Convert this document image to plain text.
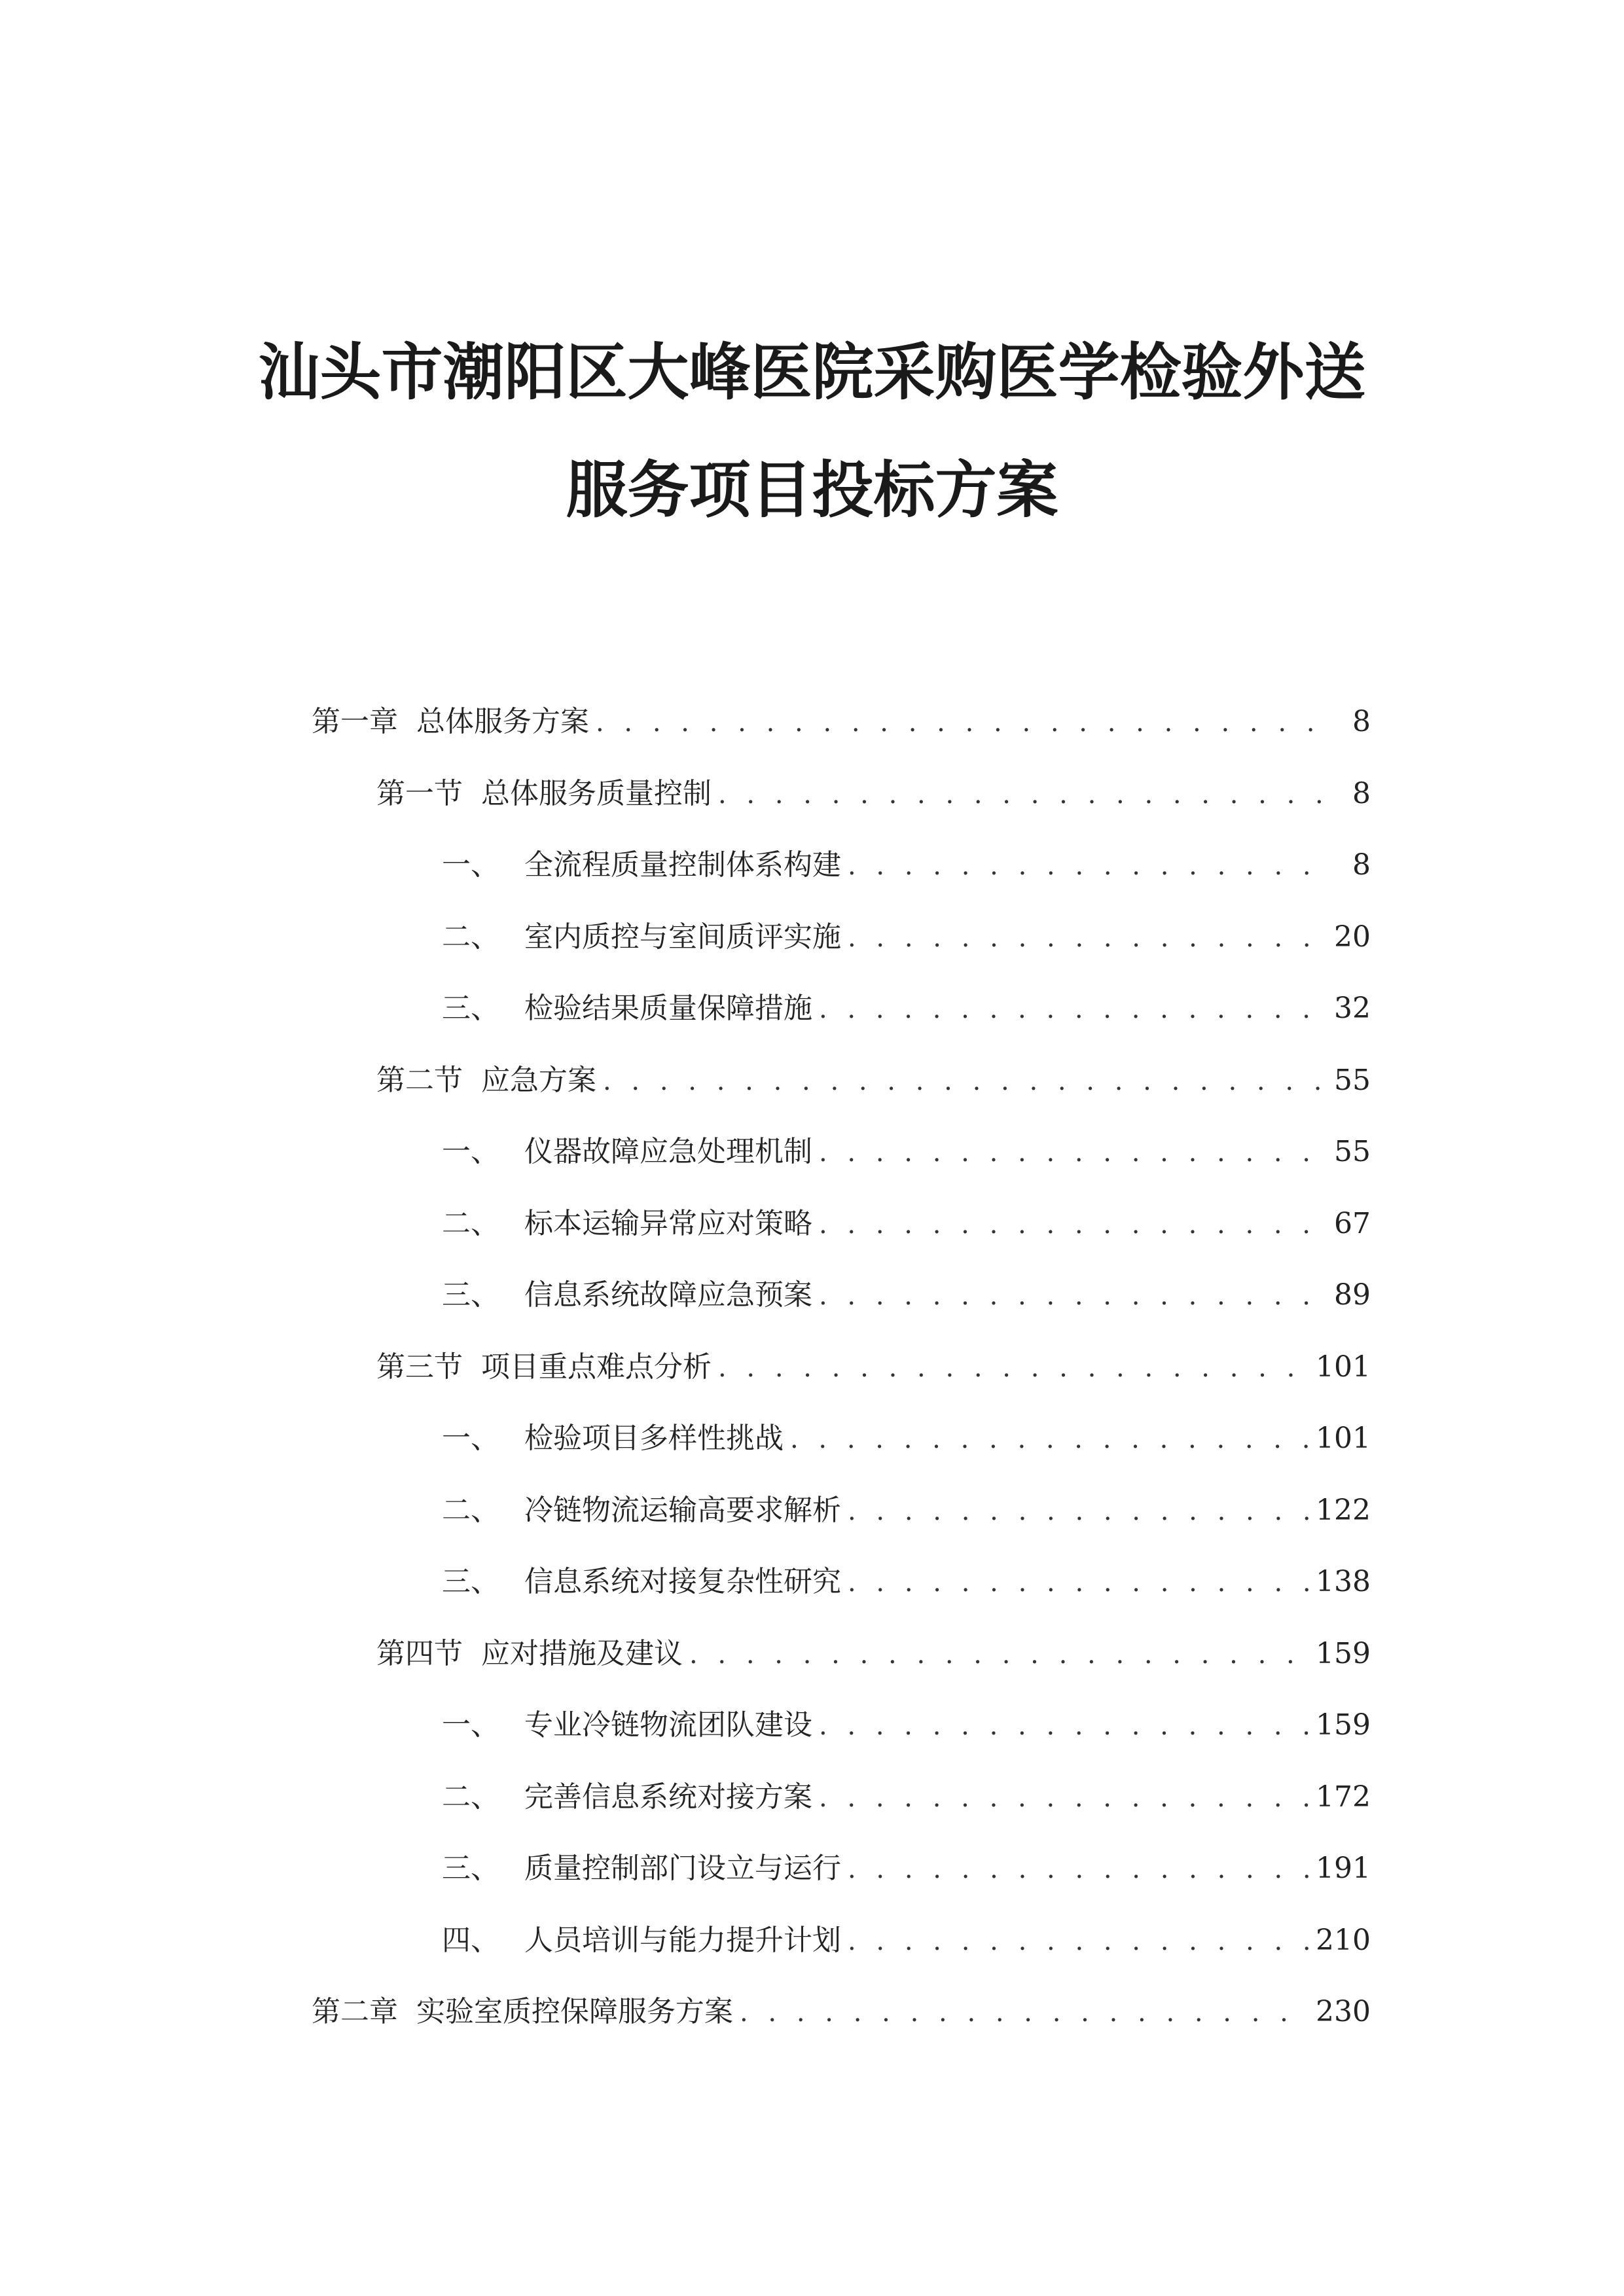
汕头市潮阳区大峰医院采购医学检验外送
服务项目投标方案
第一章 总体服务方案 . . .	8
第一节 总体服务质量控制 . . .	8
一、 全流程质量控制体系构建 . . .	8
二、 室内质控与室间质评实施 . . .	20
三、 检验结果质量保障措施 . . .	32
第二节 应急方案 . . .	55
一、 仪器故障应急处理机制 . . .	55
二、 标本运输异常应对策略 . . .	67
三、 信息系统故障应急预案 . . .	89
第三节 项目重点难点分析 . . .	101
一、 检验项目多样性挑战 . . .	101
二、 冷链物流运输高要求解析 . . .	122
三、 信息系统对接复杂性研究 . . .	138
第四节 应对措施及建议 . . .	159
一、 专业冷链物流团队建设 . . .	159
二、 完善信息系统对接方案 . . .	172
三、 质量控制部门设立与运行 . . .	191
四、 人员培训与能力提升计划 . . .	210
第二章 实验室质控保障服务方案 . . .	230
